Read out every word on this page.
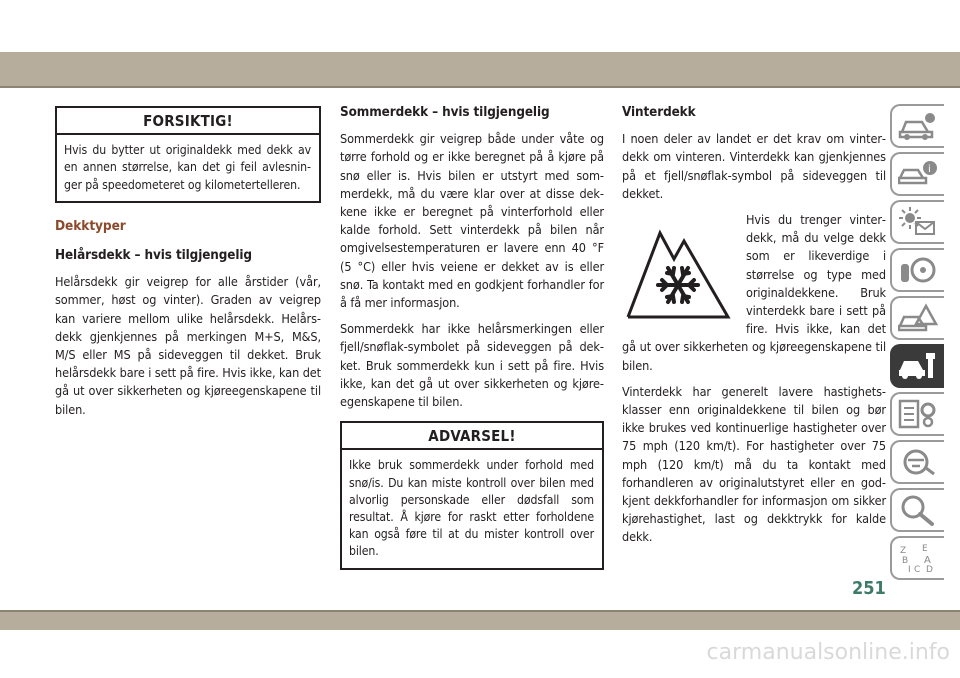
FORSIKTIG!
Hvis du bytter ut originaldekk med dekk av en annen størrelse, kan det gi feil avlesninger på speedometeret og kilometertelleren.
Dekktyper
Helårsdekk – hvis tilgjengelig

Helårsdekk gir veigrep for alle årstider (vår, sommer, høst og vinter). Graden av veigrep kan variere mellom ulike helårsdekk. Helårsdekk gjenkjennes på merkingen M+S, M&S, M/S eller MS på sideveggen til dekket. Bruk helårsdekk bare i sett på fire. Hvis ikke, kan det gå ut over sikkerheten og kjøreegenskapene til bilen.

Sommerdekk – hvis tilgjengelig

Sommerdekk gir veigrep både under våte og tørre forhold og er ikke beregnet på å kjøre på snø eller is. Hvis bilen er utstyrt med sommerdekk, må du være klar over at disse dekkene ikke er beregnet på vinterforhold eller kalde forhold. Sett vinterdekk på bilen når omgivelsestemperaturen er lavere enn 40 °F (5 °C) eller hvis veiene er dekket av is eller snø. Ta kontakt med en godkjent forhandler for å få mer informasjon.

Sommerdekk har ikke helårsmerkingen eller fjell/snøflak-symbolet på sideveggen på dekket. Bruk sommerdekk kun i sett på fire. Hvis ikke, kan det gå ut over sikkerheten og kjøreegenskapene til bilen.

ADVARSEL!
Ikke bruk sommerdekk under forhold med snø/is. Du kan miste kontroll over bilen med alvorlig personskade eller dødsfall som resultat. Å kjøre for raskt etter forholdene kan også føre til at du mister kontroll over bilen.
Vinterdekk

I noen deler av landet er det krav om vinterdekk om vinteren. Vinterdekk kan gjenkjennes på et fjell/snøflak-symbol på sideveggen til dekket.

Hvis du trenger vinterdekk, må du velge dekk som er likeverdige i størrelse og type med originaldekkene. Bruk vinterdekk bare i sett på fire. Hvis ikke, kan det gå ut over sikkerheten og kjøreegenskapene til bilen.

Vinterdekk har generelt lavere hastighetsklasser enn originaldekkene til bilen og bør ikke brukes ved kontinuerlige hastigheter over 75 mph (120 km/t). For hastigheter over 75 mph (120 km/t) må du ta kontakt med forhandleren av originalutstyret eller en godkjent dekkforhandler for informasjon om sikker kjørehastighet, last og dekktrykk for kalde dekk.

i
Z E
B A
I C D
251
carmanualsonline.info
